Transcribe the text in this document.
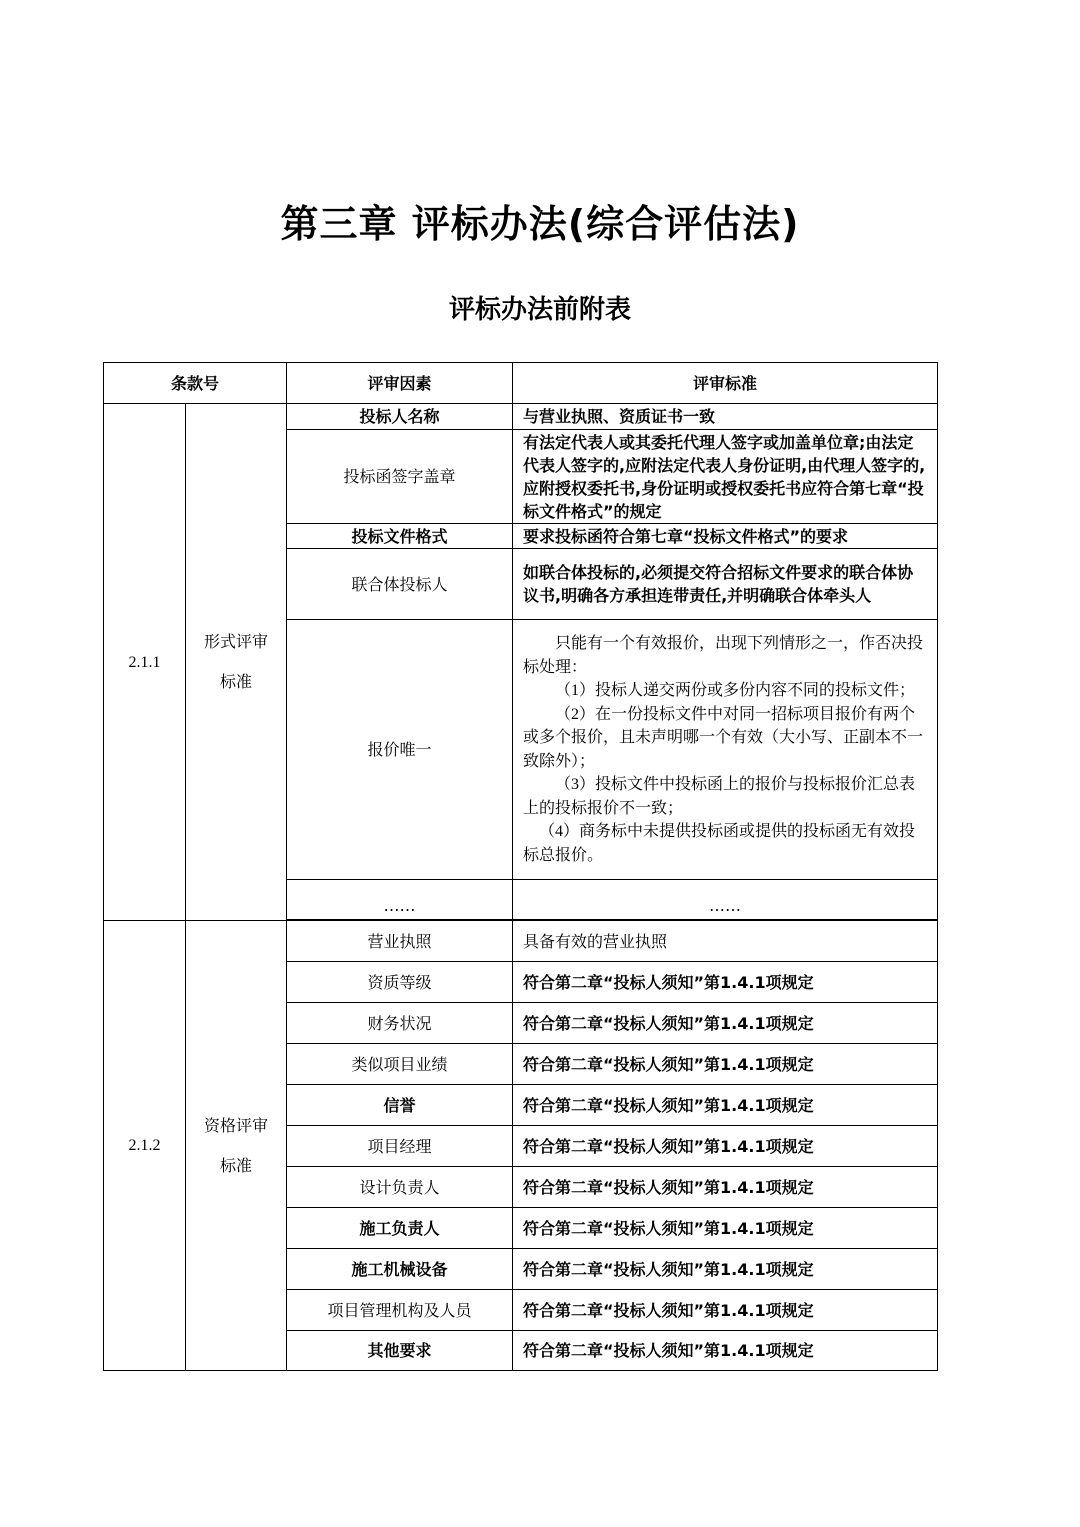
第三章 评标办法(综合评估法)
评标办法前附表
条款号		评审因素	评审标准
2.1.1	形式评审
标准	投标人名称	与营业执照、资质证书一致
		投标函签字盖章	有法定代表人或其委托代理人签字或加盖单位章;由法定代表人签字的,应附法定代表人身份证明,由代理人签字的,应附授权委托书,身份证明或授权委托书应符合第七章“投标文件格式”的规定
		投标文件格式	要求投标函符合第七章“投标文件格式”的要求
		联合体投标人	如联合体投标的,必须提交符合招标文件要求的联合体协议书,明确各方承担连带责任,并明确联合体牵头人
		报价唯一	只能有一个有效报价，出现下列情形之一，作否决投标处理：
（1）投标人递交两份或多份内容不同的投标文件；
（2）在一份投标文件中对同一招标项目报价有两个或多个报价，且未声明哪一个有效（大小写、正副本不一致除外）；
（3）投标文件中投标函上的报价与投标报价汇总表上的投标报价不一致；
（4）商务标中未提供投标函或提供的投标函无有效投标总报价。

		……	……

2.1.2	资格评审
标准	营业执照	具备有效的营业执照
		资质等级	符合第二章“投标人须知”第1.4.1项规定
		财务状况	符合第二章“投标人须知”第1.4.1项规定
		类似项目业绩	符合第二章“投标人须知”第1.4.1项规定
		信誉	符合第二章“投标人须知”第1.4.1项规定
		项目经理	符合第二章“投标人须知”第1.4.1项规定
		设计负责人	符合第二章“投标人须知”第1.4.1项规定
		施工负责人	符合第二章“投标人须知”第1.4.1项规定
		施工机械设备	符合第二章“投标人须知”第1.4.1项规定
		项目管理机构及人员	符合第二章“投标人须知”第1.4.1项规定
		其他要求	符合第二章“投标人须知”第1.4.1项规定
